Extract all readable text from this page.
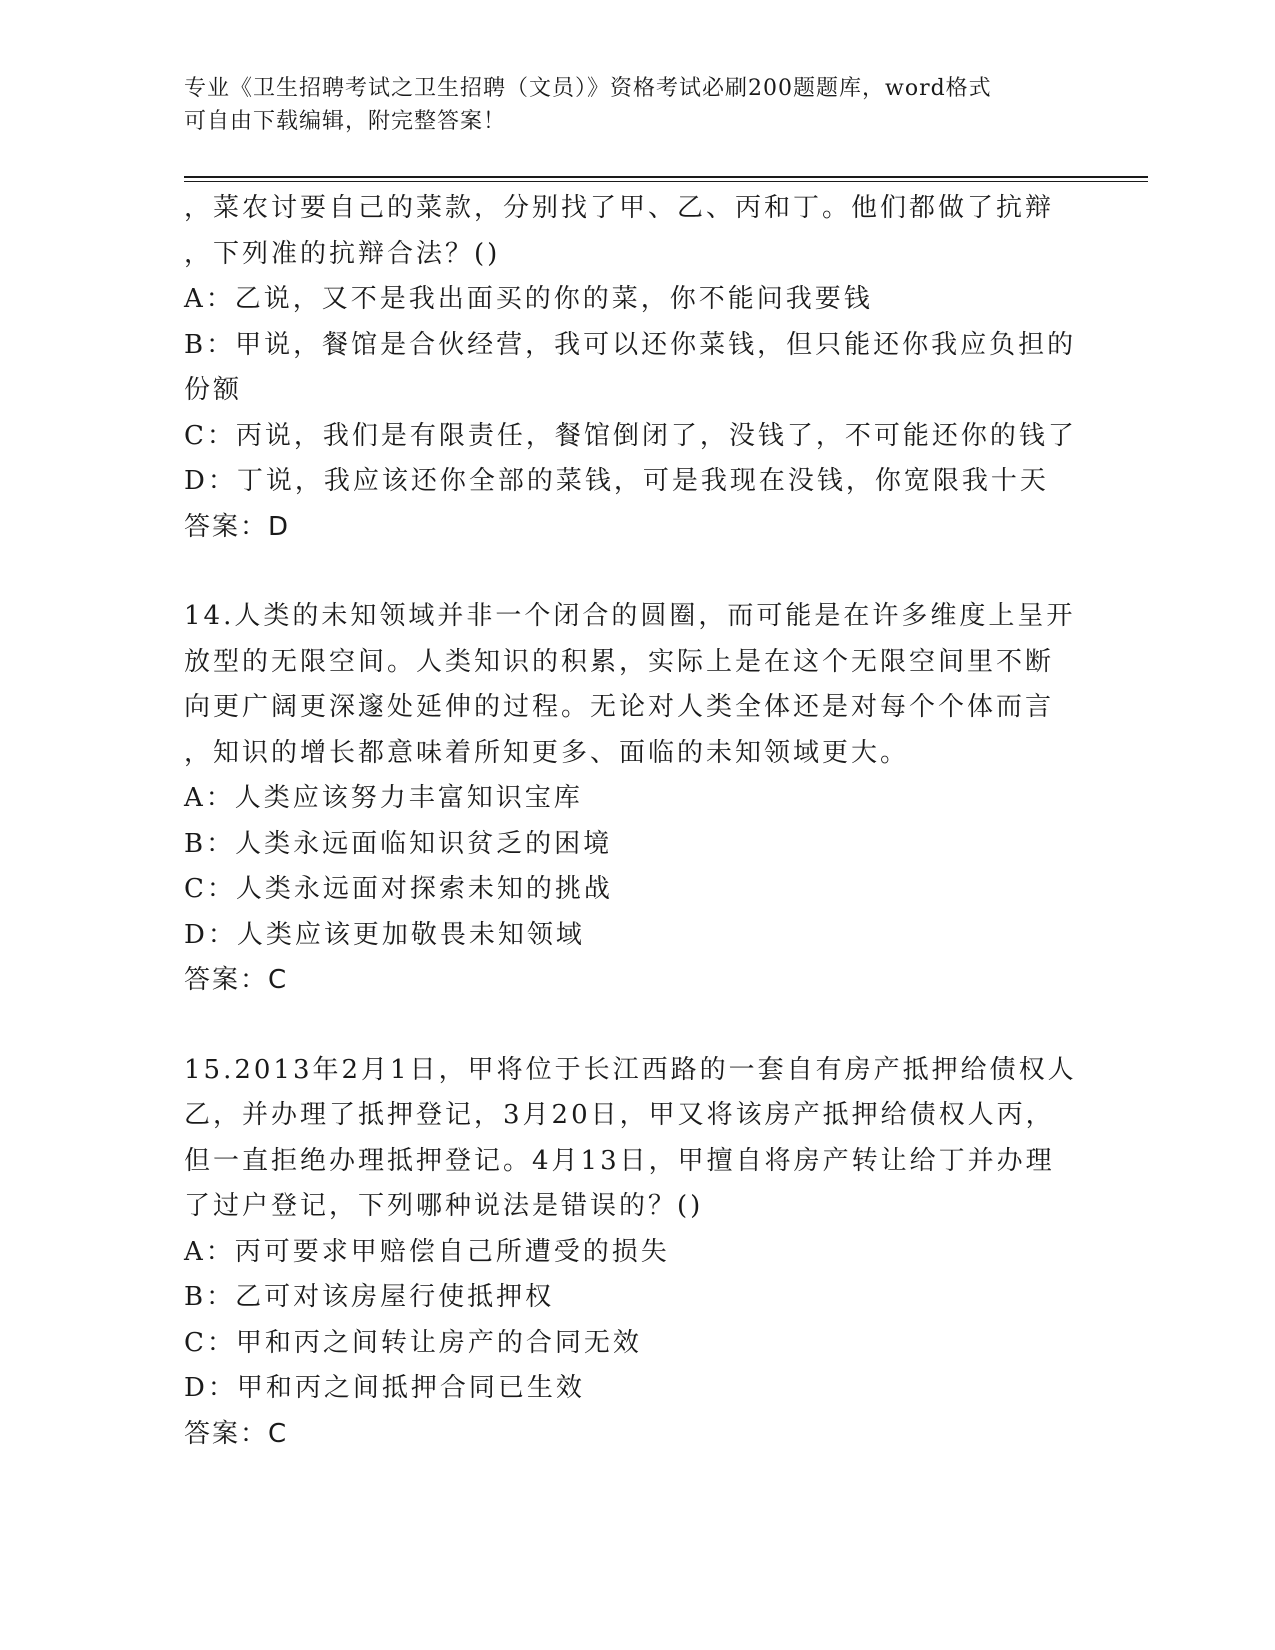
专业《卫生招聘考试之卫生招聘（文员）》资格考试必刷200题题库，word格式
可自由下载编辑，附完整答案！
，菜农讨要自己的菜款，分别找了甲、乙、丙和丁。他们都做了抗辩
，下列准的抗辩合法？()
A：乙说，又不是我出面买的你的菜，你不能问我要钱
B：甲说，餐馆是合伙经营，我可以还你菜钱，但只能还你我应负担的
份额
C：丙说，我们是有限责任，餐馆倒闭了，没钱了，不可能还你的钱了
D：丁说，我应该还你全部的菜钱，可是我现在没钱，你宽限我十天
答案：D
14.人类的未知领域并非一个闭合的圆圈，而可能是在许多维度上呈开
放型的无限空间。人类知识的积累，实际上是在这个无限空间里不断
向更广阔更深邃处延伸的过程。无论对人类全体还是对每个个体而言
，知识的增长都意味着所知更多、面临的未知领域更大。
A：人类应该努力丰富知识宝库
B：人类永远面临知识贫乏的困境
C：人类永远面对探索未知的挑战
D：人类应该更加敬畏未知领域
答案：C
15.2013年2月1日，甲将位于长江西路的一套自有房产抵押给债权人
乙，并办理了抵押登记，3月20日，甲又将该房产抵押给债权人丙，
但一直拒绝办理抵押登记。4月13日，甲擅自将房产转让给丁并办理
了过户登记，下列哪种说法是错误的？()
A：丙可要求甲赔偿自己所遭受的损失
B：乙可对该房屋行使抵押权
C：甲和丙之间转让房产的合同无效
D：甲和丙之间抵押合同已生效
答案：C
